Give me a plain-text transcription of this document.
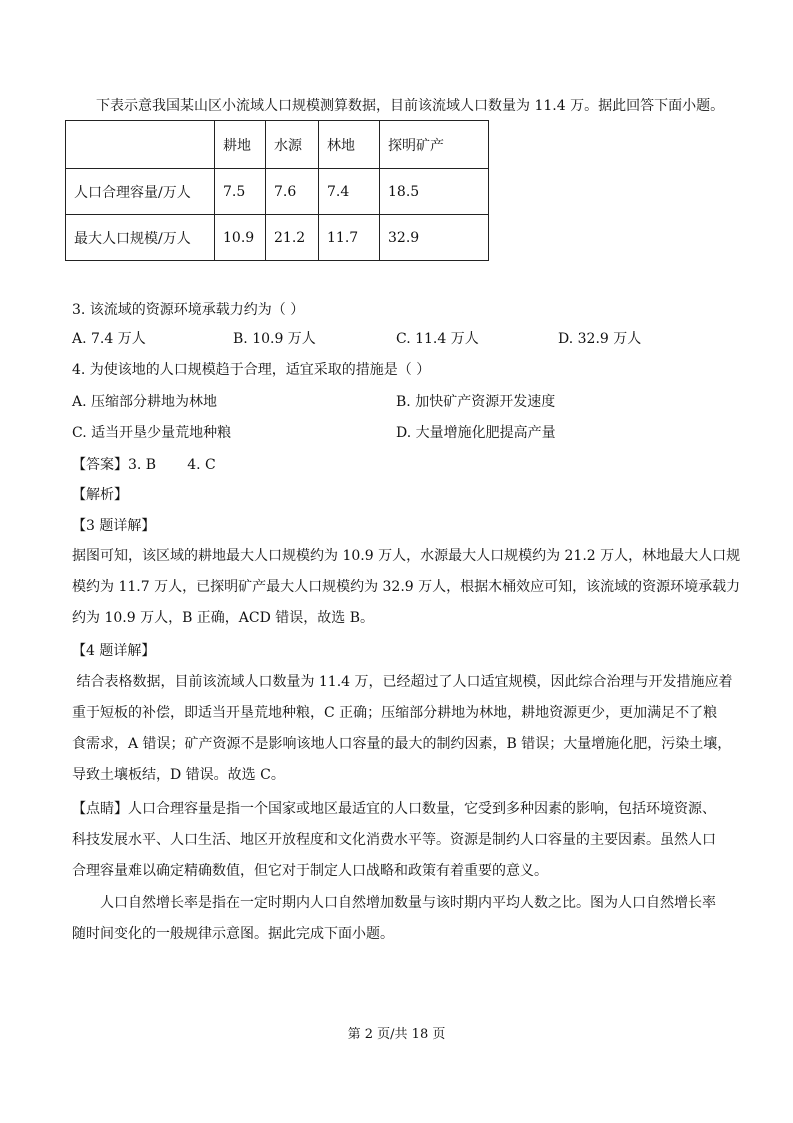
下表示意我国某山区小流域人口规模测算数据，目前该流域人口数量为 11.4 万。据此回答下面小题。
	耕地	水源	林地	探明矿产
人口合理容量/万人	7.5	7.6	7.4	18.5
最大人口规模/万人	10.9	21.2	11.7	32.9
3. 该流域的资源环境承载力约为（ ）
A. 7.4 万人	B. 10.9 万人	C. 11.4 万人	D. 32.9 万人
4. 为使该地的人口规模趋于合理，适宜采取的措施是（ ）
A. 压缩部分耕地为林地	B. 加快矿产资源开发速度
C. 适当开垦少量荒地种粮	D. 大量增施化肥提高产量
【答案】3. B       4. C
【解析】
【3 题详解】
据图可知，该区域的耕地最大人口规模约为 10.9 万人，水源最大人口规模约为 21.2 万人，林地最大人口规
模约为 11.7 万人，已探明矿产最大人口规模约为 32.9 万人，根据木桶效应可知，该流域的资源环境承载力
约为 10.9 万人，B 正确，ACD 错误，故选 B。
【4 题详解】
结合表格数据，目前该流域人口数量为 11.4 万，已经超过了人口适宜规模，因此综合治理与开发措施应着
重于短板的补偿，即适当开垦荒地种粮，C 正确；压缩部分耕地为林地，耕地资源更少，更加满足不了粮
食需求，A 错误；矿产资源不是影响该地人口容量的最大的制约因素，B 错误；大量增施化肥，污染土壤，
导致土壤板结，D 错误。故选 C。
【点睛】人口合理容量是指一个国家或地区最适宜的人口数量，它受到多种因素的影响，包括环境资源、
科技发展水平、人口生活、地区开放程度和文化消费水平等。资源是制约人口容量的主要因素。虽然人口
合理容量难以确定精确数值，但它对于制定人口战略和政策有着重要的意义。
人口自然增长率是指在一定时期内人口自然增加数量与该时期内平均人数之比。图为人口自然增长率
随时间变化的一般规律示意图。据此完成下面小题。
第 2 页/共 18 页
